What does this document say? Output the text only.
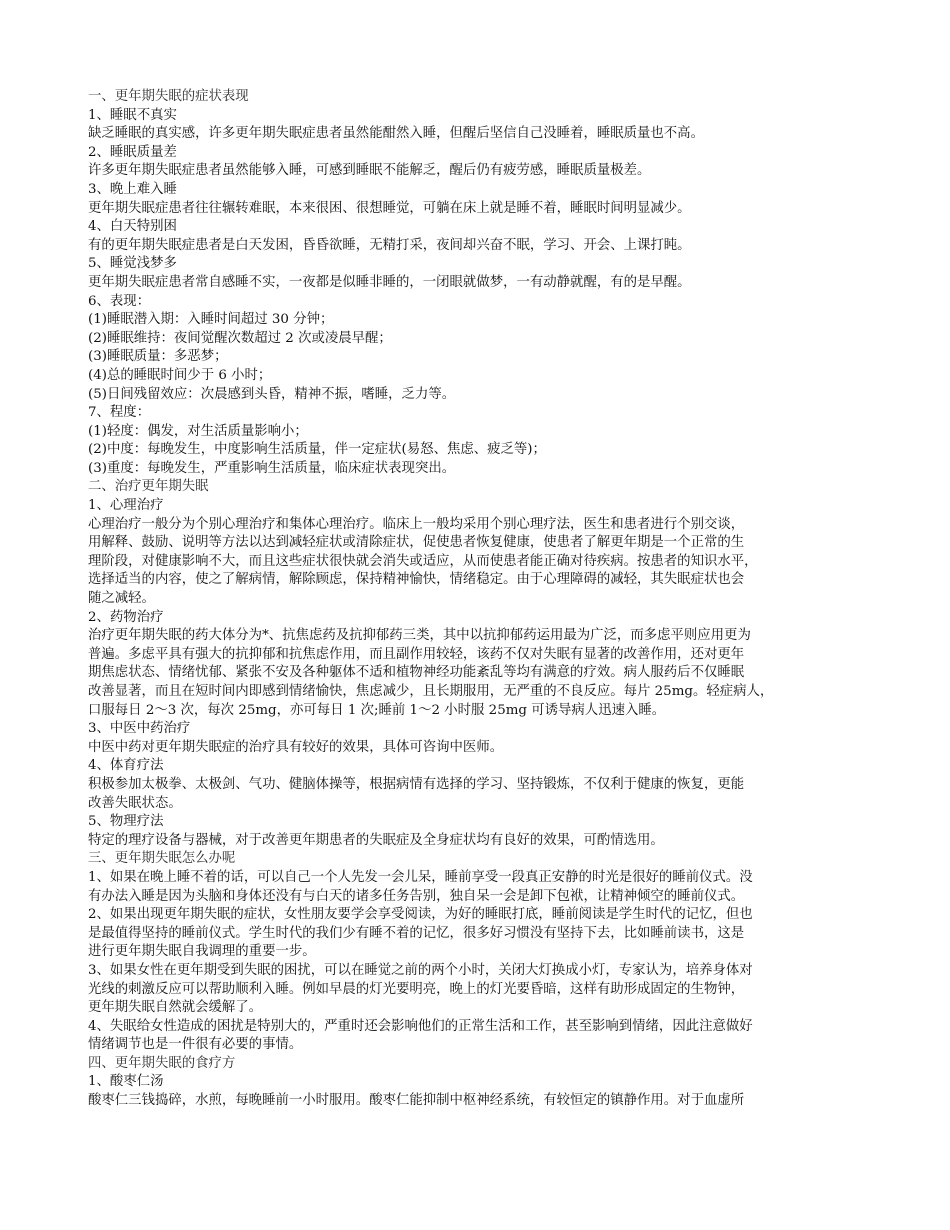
一、更年期失眠的症状表现
1、睡眠不真实
缺乏睡眠的真实感，许多更年期失眠症患者虽然能酣然入睡，但醒后坚信自己没睡着，睡眠质量也不高。
2、睡眠质量差
许多更年期失眠症患者虽然能够入睡，可感到睡眠不能解乏，醒后仍有疲劳感，睡眠质量极差。
3、晚上难入睡
更年期失眠症患者往往辗转难眠，本来很困、很想睡觉，可躺在床上就是睡不着，睡眠时间明显减少。
4、白天特别困
有的更年期失眠症患者是白天发困，昏昏欲睡，无精打采，夜间却兴奋不眠，学习、开会、上课打盹。
5、睡觉浅梦多
更年期失眠症患者常自感睡不实，一夜都是似睡非睡的，一闭眼就做梦，一有动静就醒，有的是早醒。
6、表现：
(1)睡眠潜入期：入睡时间超过 30 分钟；
(2)睡眠维持：夜间觉醒次数超过 2 次或凌晨早醒；
(3)睡眠质量：多恶梦；
(4)总的睡眠时间少于 6 小时；
(5)日间残留效应：次晨感到头昏，精神不振，嗜睡，乏力等。
7、程度：
(1)轻度：偶发，对生活质量影响小；
(2)中度：每晚发生，中度影响生活质量，伴一定症状(易怒、焦虑、疲乏等)；
(3)重度：每晚发生，严重影响生活质量，临床症状表现突出。
二、治疗更年期失眠
1、心理治疗
心理治疗一般分为个别心理治疗和集体心理治疗。临床上一般均采用个别心理疗法，医生和患者进行个别交谈，
用解释、鼓励、说明等方法以达到减轻症状或清除症状，促使患者恢复健康，使患者了解更年期是一个正常的生
理阶段，对健康影响不大，而且这些症状很快就会消失或适应，从而使患者能正确对待疾病。按患者的知识水平，
选择适当的内容，使之了解病情，解除顾虑，保持精神愉快，情绪稳定。由于心理障碍的减轻，其失眠症状也会
随之减轻。
2、药物治疗
治疗更年期失眠的药大体分为*、抗焦虑药及抗抑郁药三类，其中以抗抑郁药运用最为广泛，而多虑平则应用更为
普遍。多虑平具有强大的抗抑郁和抗焦虑作用，而且副作用较轻，该药不仅对失眠有显著的改善作用，还对更年
期焦虑状态、情绪忧郁、紧张不安及各种躯体不适和植物神经功能紊乱等均有满意的疗效。病人服药后不仅睡眠
改善显著，而且在短时间内即感到情绪愉快，焦虑减少，且长期服用，无严重的不良反应。每片 25mg。轻症病人，
口服每日 2～3 次，每次 25mg，亦可每日 1 次;睡前 1～2 小时服 25mg 可诱导病人迅速入睡。
3、中医中药治疗
中医中药对更年期失眠症的治疗具有较好的效果，具体可咨询中医师。
4、体育疗法
积极参加太极拳、太极剑、气功、健脑体操等，根据病情有选择的学习、坚持锻炼，不仅利于健康的恢复，更能
改善失眠状态。
5、物理疗法
特定的理疗设备与器械，对于改善更年期患者的失眠症及全身症状均有良好的效果，可酌情选用。
三、更年期失眠怎么办呢
1、如果在晚上睡不着的话，可以自己一个人先发一会儿呆，睡前享受一段真正安静的时光是很好的睡前仪式。没
有办法入睡是因为头脑和身体还没有与白天的诸多任务告别，独自呆一会是卸下包袱，让精神倾空的睡前仪式。
2、如果出现更年期失眠的症状，女性朋友要学会享受阅读，为好的睡眠打底，睡前阅读是学生时代的记忆，但也
是最值得坚持的睡前仪式。学生时代的我们少有睡不着的记忆，很多好习惯没有坚持下去，比如睡前读书，这是
进行更年期失眠自我调理的重要一步。
3、如果女性在更年期受到失眠的困扰，可以在睡觉之前的两个小时，关闭大灯换成小灯，专家认为，培养身体对
光线的刺激反应可以帮助顺利入睡。例如早晨的灯光要明亮，晚上的灯光要昏暗，这样有助形成固定的生物钟，
更年期失眠自然就会缓解了。
4、失眠给女性造成的困扰是特别大的，严重时还会影响他们的正常生活和工作，甚至影响到情绪，因此注意做好
情绪调节也是一件很有必要的事情。
四、更年期失眠的食疗方
1、酸枣仁汤
酸枣仁三钱捣碎，水煎，每晚睡前一小时服用。酸枣仁能抑制中枢神经系统，有较恒定的镇静作用。对于血虚所
